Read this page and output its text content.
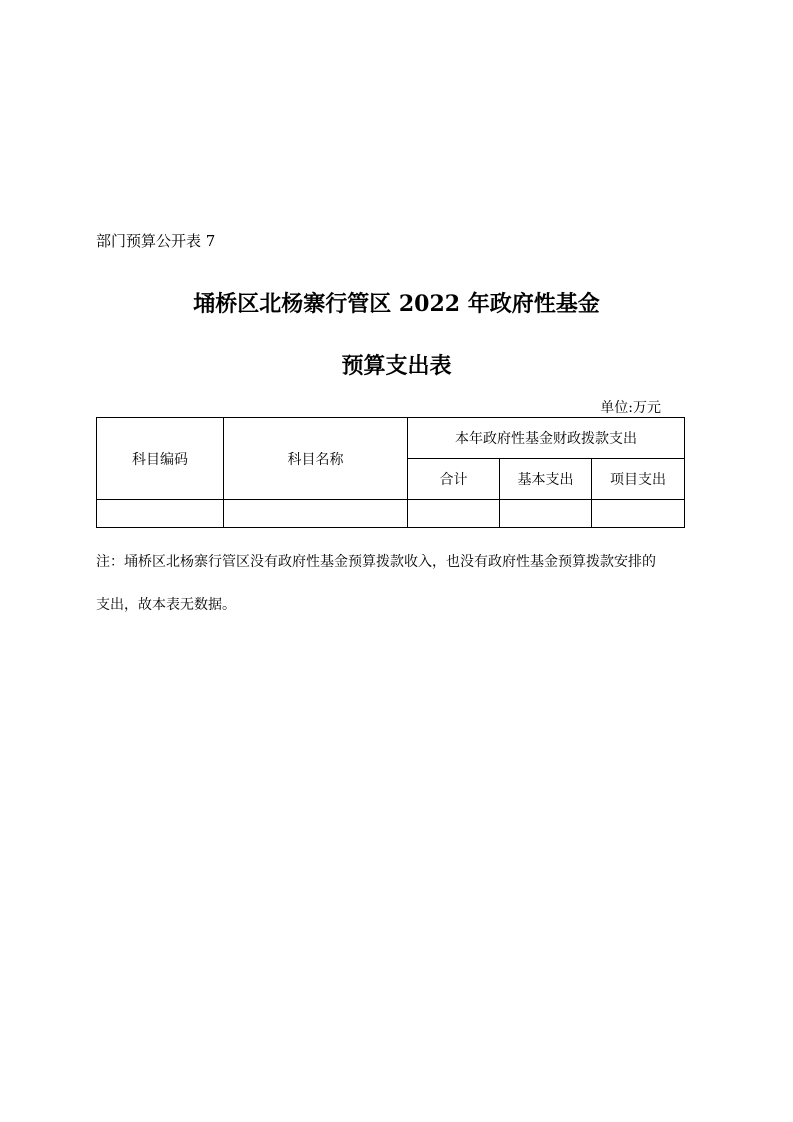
部门预算公开表 7
埇桥区北杨寨行管区 2022 年政府性基金
预算支出表
单位:万元
科目编码	科目名称	本年政府性基金财政拨款支出		
		合计	基本支出	项目支出

注：埇桥区北杨寨行管区没有政府性基金预算拨款收入，也没有政府性基金预算拨款安排的
支出，故本表无数据。
